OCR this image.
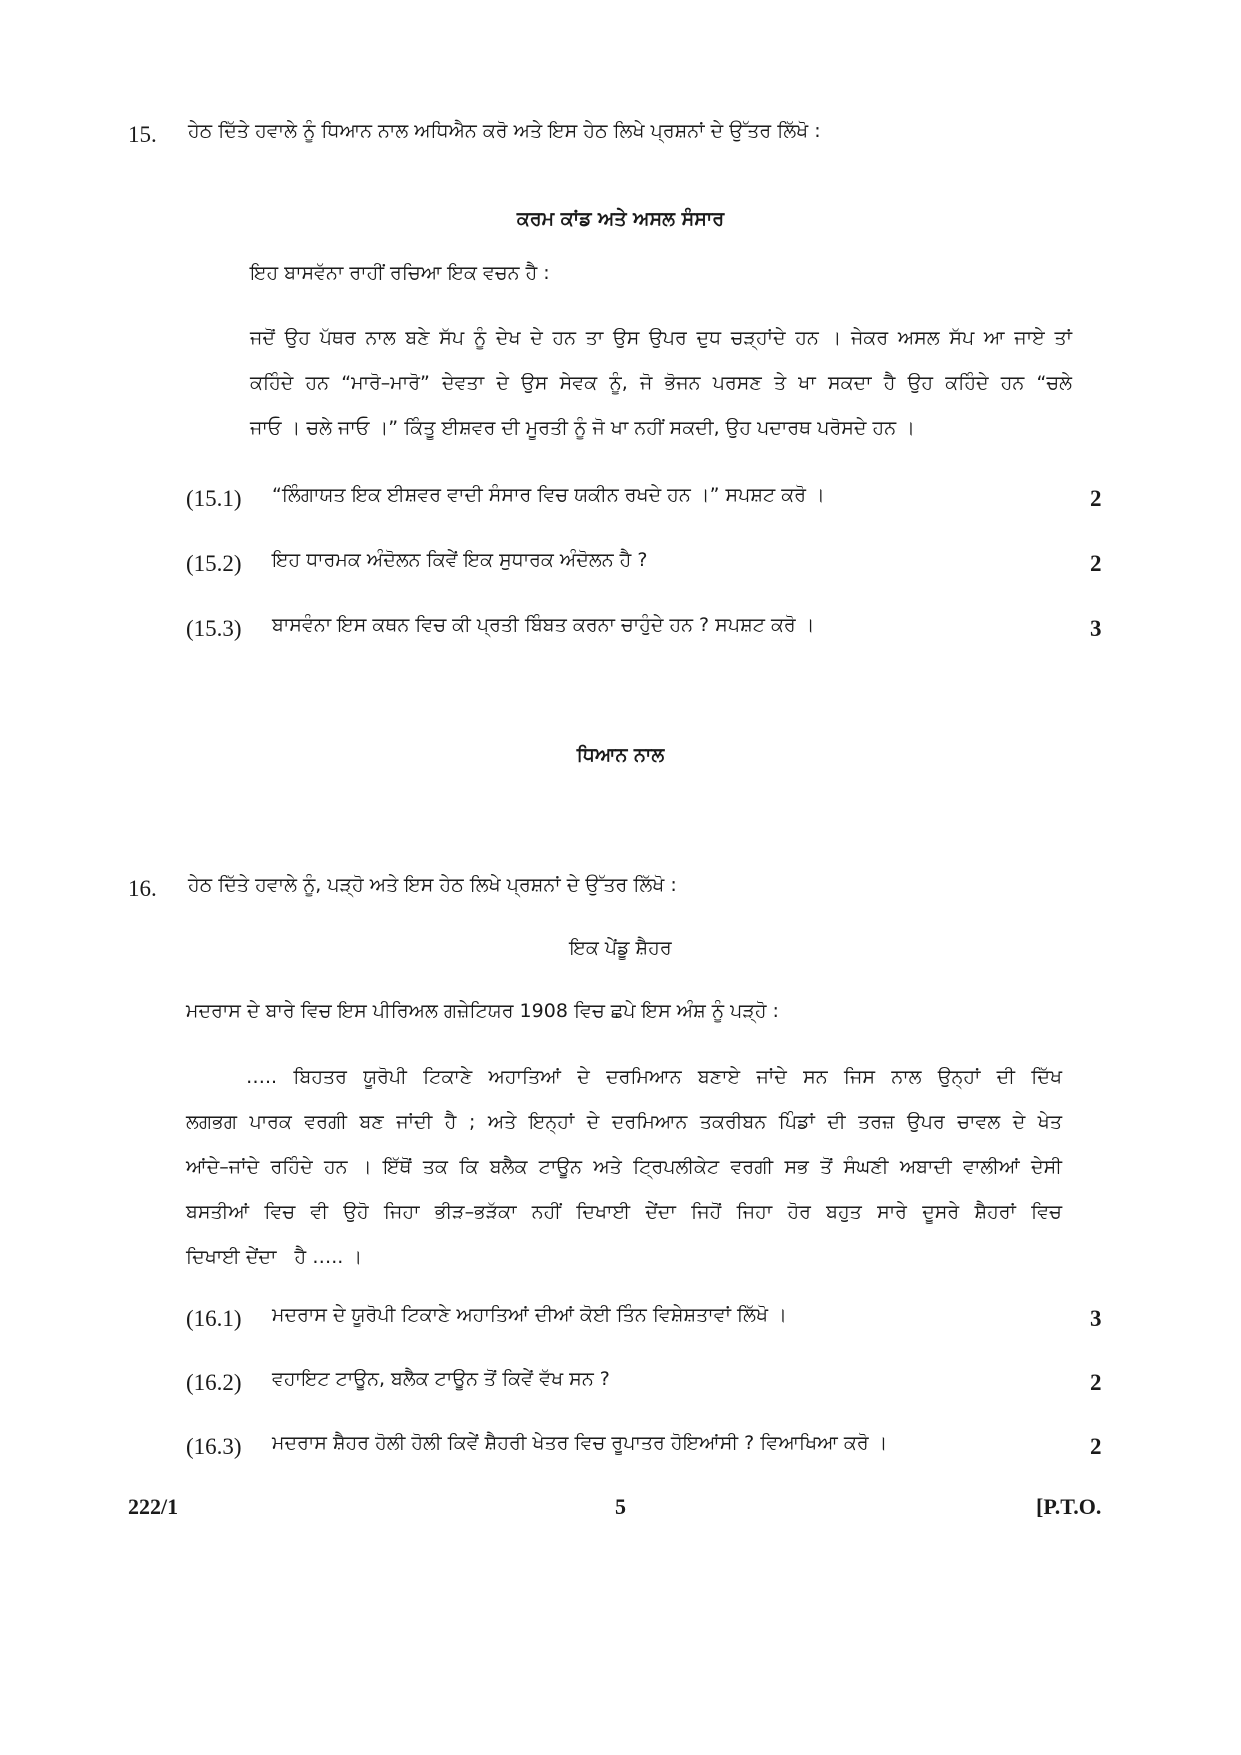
15. ਹੇਠ ਦਿੱਤੇ ਹਵਾਲੇ ਨੂੰ ਧਿਆਨ ਨਾਲ ਅਧਿਐਨ ਕਰੋ ਅਤੇ ਇਸ ਹੇਠ ਲਿਖੇ ਪ੍ਰਸ਼ਨਾਂ ਦੇ ਉੱਤਰ ਲਿੱਖੋ :
ਕਰਮ ਕਾਂਡ ਅਤੇ ਅਸਲ ਸੰਸਾਰ
ਇਹ ਬਾਸਵੱਨਾ ਰਾਹੀਂ ਰਚਿਆ ਇਕ ਵਚਨ ਹੈ :
ਜਦੋਂ ਉਹ ਪੱਥਰ ਨਾਲ ਬਣੇ ਸੱਪ ਨੂੰ ਦੇਖ ਦੇ ਹਨ ਤਾ ਉਸ ਉਪਰ ਦੁਧ ਚੜ੍ਹਾਂਦੇ ਹਨ । ਜੇਕਰ ਅਸਲ ਸੱਪ ਆ ਜਾਏ ਤਾਂ
ਕਹਿੰਦੇ ਹਨ “ਮਾਰੋ–ਮਾਰੋ” ਦੇਵਤਾ ਦੇ ਉਸ ਸੇਵਕ ਨੂੰ, ਜੋ ਭੋਜਨ ਪਰਸਣ ਤੇ ਖਾ ਸਕਦਾ ਹੈ ਉਹ ਕਹਿੰਦੇ ਹਨ “ਚਲੇ
ਜਾਓ । ਚਲੇ ਜਾਓ ।” ਕਿੰਤੂ ਈਸ਼ਵਰ ਦੀ ਮੂਰਤੀ ਨੂੰ ਜੋ ਖਾ ਨਹੀਂ ਸਕਦੀ, ਉਹ ਪਦਾਰਥ ਪਰੋਸਦੇ ਹਨ ।
(15.1) “ਲਿੰਗਾਯਤ ਇਕ ਈਸ਼ਵਰ ਵਾਦੀ ਸੰਸਾਰ ਵਿਚ ਯਕੀਨ ਰਖਦੇ ਹਨ ।” ਸਪਸ਼ਟ ਕਰੋ ।	2
(15.2) ਇਹ ਧਾਰਮਕ ਅੰਦੋਲਨ ਕਿਵੇਂ ਇਕ ਸੁਧਾਰਕ ਅੰਦੋਲਨ ਹੈ ?	2
(15.3) ਬਾਸਵੰਨਾ ਇਸ ਕਥਨ ਵਿਚ ਕੀ ਪ੍ਰਤੀ ਬਿੰਬਤ ਕਰਨਾ ਚਾਹੁੰਦੇ ਹਨ ? ਸਪਸ਼ਟ ਕਰੋ ।	3
ਧਿਆਨ ਨਾਲ
16. ਹੇਠ ਦਿੱਤੇ ਹਵਾਲੇ ਨੂੰ, ਪੜ੍ਹੋ ਅਤੇ ਇਸ ਹੇਠ ਲਿਖੇ ਪ੍ਰਸ਼ਨਾਂ ਦੇ ਉੱਤਰ ਲਿੱਖੋ :
ਇਕ ਪੇਂਡੂ ਸ਼ੈਹਰ
ਮਦਰਾਸ ਦੇ ਬਾਰੇ ਵਿਚ ਇਸ ਪੀਰਿਅਲ ਗਜ਼ੇਟਿਯਰ 1908 ਵਿਚ ਛਪੇ ਇਸ ਅੰਸ਼ ਨੂੰ ਪੜ੍ਹੋ :
….. ਬਿਹਤਰ ਯੂਰੋਪੀ ਟਿਕਾਣੇ ਅਹਾਤਿਆਂ ਦੇ ਦਰਮਿਆਨ ਬਣਾਏ ਜਾਂਦੇ ਸਨ ਜਿਸ ਨਾਲ ਉਨ੍ਹਾਂ ਦੀ ਦਿੱਖ
ਲਗਭਗ ਪਾਰਕ ਵਰਗੀ ਬਣ ਜਾਂਦੀ ਹੈ ; ਅਤੇ ਇਨ੍ਹਾਂ ਦੇ ਦਰਮਿਆਨ ਤਕਰੀਬਨ ਪਿੰਡਾਂ ਦੀ ਤਰਜ਼ ਉਪਰ ਚਾਵਲ ਦੇ ਖੇਤ
ਆਂਦੇ–ਜਾਂਦੇ ਰਹਿੰਦੇ ਹਨ । ਇੱਥੋਂ ਤਕ ਕਿ ਬਲੈਕ ਟਾਊਨ ਅਤੇ ਟ੍ਰਿਪਲੀਕੇਟ ਵਰਗੀ ਸਭ ਤੋਂ ਸੰਘਣੀ ਅਬਾਦੀ ਵਾਲੀਆਂ ਦੇਸੀ
ਬਸਤੀਆਂ ਵਿਚ ਵੀ ਉਹੋ ਜਿਹਾ ਭੀੜ–ਭੜੱਕਾ ਨਹੀਂ ਦਿਖਾਈ ਦੇਂਦਾ ਜਿਹੋਂ ਜਿਹਾ ਹੋਰ ਬਹੁਤ ਸਾਰੇ ਦੂਸਰੇ ਸ਼ੈਹਰਾਂ ਵਿਚ
ਦਿਖਾਈ ਦੇਂਦਾ   ਹੈ ….. ।
(16.1) ਮਦਰਾਸ ਦੇ ਯੂਰੋਪੀ ਟਿਕਾਣੇ ਅਹਾਤਿਆਂ ਦੀਆਂ ਕੋਈ ਤਿੰਨ ਵਿਸ਼ੇਸ਼ਤਾਵਾਂ ਲਿੱਖੋ ।	3
(16.2) ਵਹਾਇਟ ਟਾਊਨ, ਬਲੈਕ ਟਾਊਨ ਤੋਂ ਕਿਵੇਂ ਵੱਖ ਸਨ ?	2
(16.3) ਮਦਰਾਸ ਸ਼ੈਹਰ ਹੋਲੀ ਹੋਲੀ ਕਿਵੇਂ ਸ਼ੈਹਰੀ ਖੇਤਰ ਵਿਚ ਰੂਪਾਤਰ ਹੋਇਆਂਸੀ ? ਵਿਆਖਿਆ ਕਰੋ ।	2
222/1	5	[P.T.O.
